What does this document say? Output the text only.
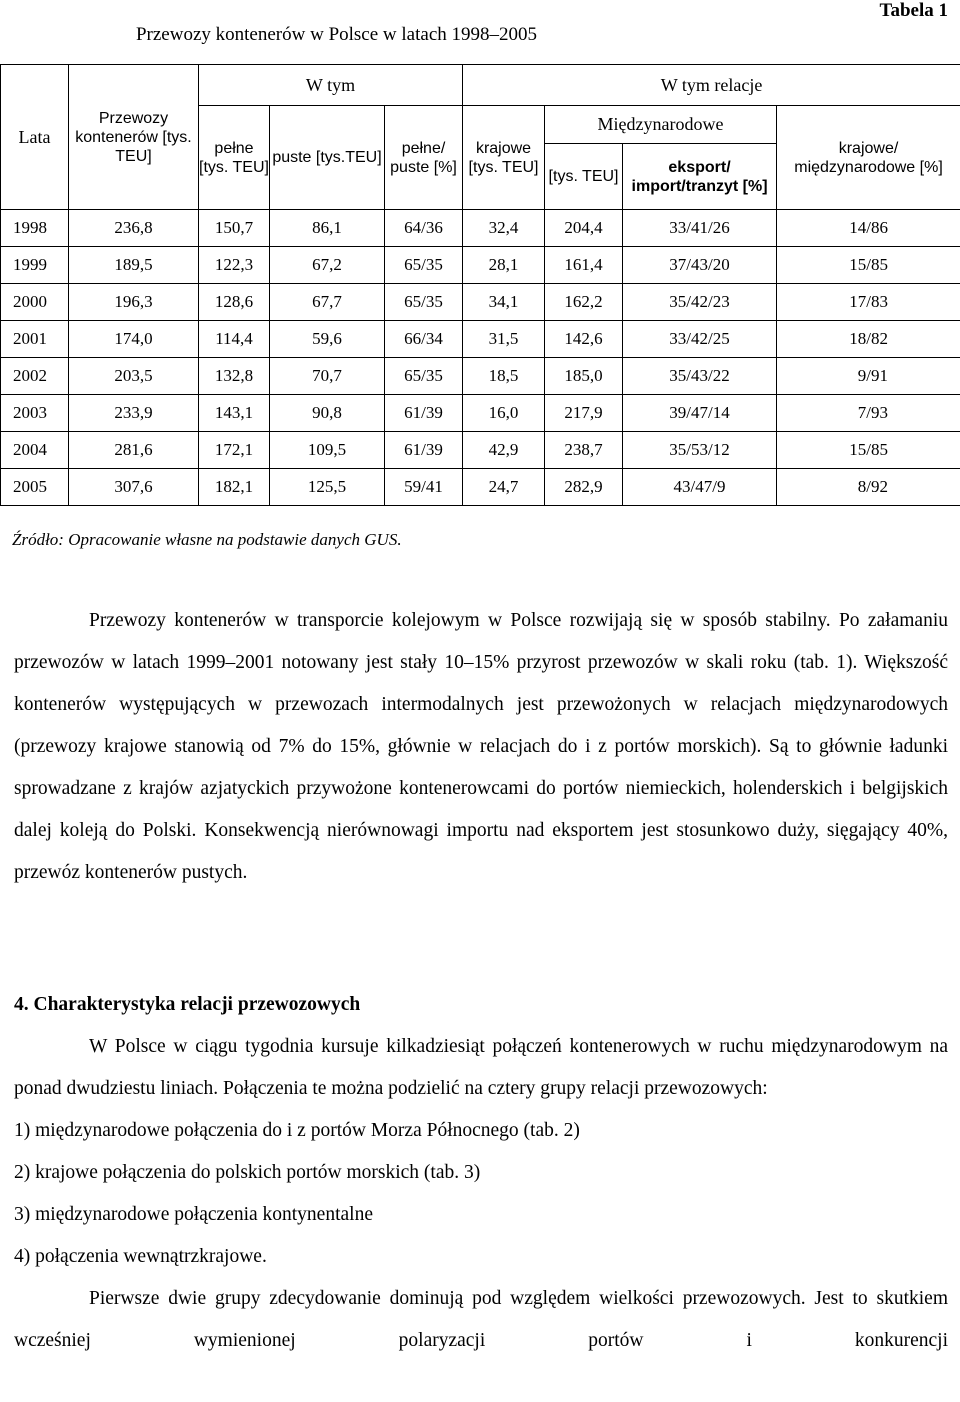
Tabela 1
Przewozy kontenerów w Polsce w latach 1998–2005
Lata	Przewozy kontenerów [tys. TEU]	W tym			W tym relacje			
		pełne [tys. TEU]	puste [tys.TEU]	pełne/ puste [%]	krajowe [tys. TEU]	Międzynarodowe		krajowe/ międzynarodowe [%]
						[tys. TEU]	eksport/ import/tranzyt [%]	
1998	236,8	150,7	86,1	64/36	32,4	204,4	33/41/26	14/86
1999	189,5	122,3	67,2	65/35	28,1	161,4	37/43/20	15/85
2000	196,3	128,6	67,7	65/35	34,1	162,2	35/42/23	17/83
2001	174,0	114,4	59,6	66/34	31,5	142,6	33/42/25	18/82
2002	203,5	132,8	70,7	65/35	18,5	185,0	35/43/22	9/91
2003	233,9	143,1	90,8	61/39	16,0	217,9	39/47/14	7/93
2004	281,6	172,1	109,5	61/39	42,9	238,7	35/53/12	15/85
2005	307,6	182,1	125,5	59/41	24,7	282,9	43/47/9	8/92
Źródło: Opracowanie własne na podstawie danych GUS.

Przewozy kontenerów w transporcie kolejowym w Polsce rozwijają się w sposób stabilny. Po załamaniu przewozów w latach 1999–2001 notowany jest stały 10–15% przyrost przewozów w skali roku (tab. 1). Większość kontenerów występujących w przewozach intermodalnych jest przewożonych w relacjach międzynarodowych (przewozy krajowe stanowią od 7% do 15%, głównie w relacjach do i z portów morskich). Są to głównie ładunki sprowadzane z krajów azjatyckich przywożone kontenerowcami do portów niemieckich, holenderskich i belgijskich dalej koleją do Polski. Konsekwencją nierównowagi importu nad eksportem jest stosunkowo duży, sięgający 40%, przewóz kontenerów pustych.

4. Charakterystyka relacji przewozowych

W Polsce w ciągu tygodnia kursuje kilkadziesiąt połączeń kontenerowych w ruchu międzynarodowym na ponad dwudziestu liniach. Połączenia te można podzielić na cztery grupy relacji przewozowych:

1) międzynarodowe połączenia do i z portów Morza Północnego (tab. 2)

2) krajowe połączenia do polskich portów morskich (tab. 3)

3) międzynarodowe połączenia kontynentalne

4) połączenia wewnątrzkrajowe.

Pierwsze dwie grupy zdecydowanie dominują pod względem wielkości przewozowych. Jest to skutkiem wcześniej wymienionej polaryzacji portów i konkurencji
